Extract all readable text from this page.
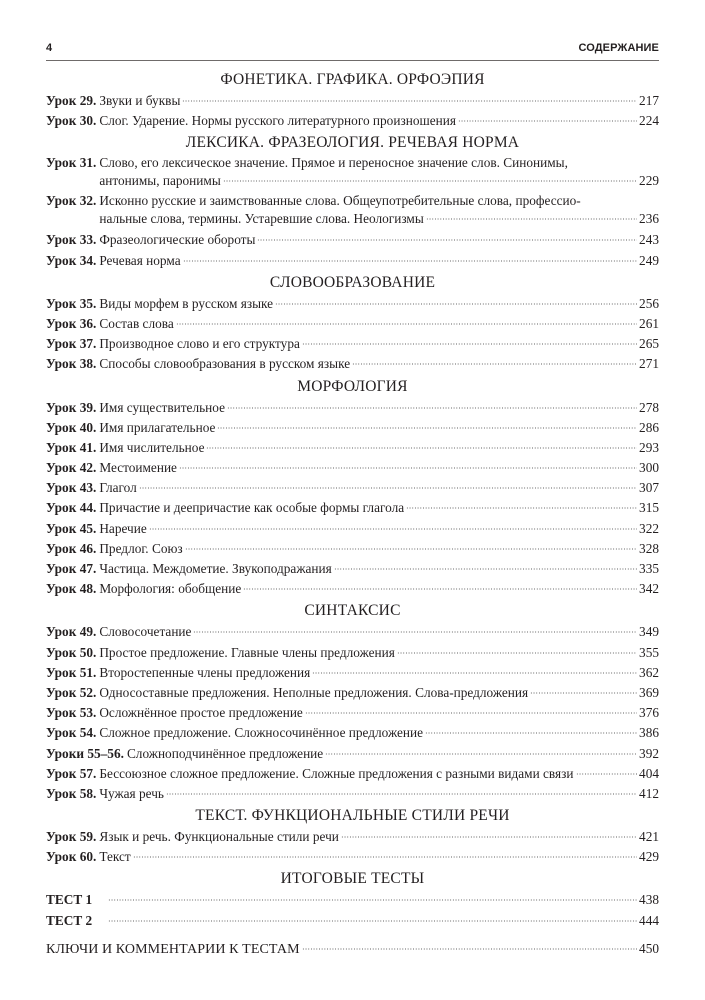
4	СОДЕРЖАНИЕ
ФОНЕТИКА. ГРАФИКА. ОРФОЭПИЯ
Урок 29. Звуки и буквы	217
Урок 30. Слог. Ударение. Нормы русского литературного произношения	224
ЛЕКСИКА. ФРАЗЕОЛОГИЯ. РЕЧЕВАЯ НОРМА
Урок 31. Слово, его лексическое значение. Прямое и переносное значение слов. Синонимы,
антонимы, паронимы	229
Урок 32. Исконно русские и заимствованные слова. Общеупотребительные слова, профессио-
нальные слова, термины. Устаревшие слова. Неологизмы	236
Урок 33. Фразеологические обороты	243
Урок 34. Речевая норма	249
СЛОВООБРАЗОВАНИЕ
Урок 35. Виды морфем в русском языке	256
Урок 36. Состав слова	261
Урок 37. Производное слово и его структура	265
Урок 38. Способы словообразования в русском языке	271
МОРФОЛОГИЯ
Урок 39. Имя существительное	278
Урок 40. Имя прилагательное	286
Урок 41. Имя числительное	293
Урок 42. Местоимение	300
Урок 43. Глагол	307
Урок 44. Причастие и деепричастие как особые формы глагола	315
Урок 45. Наречие	322
Урок 46. Предлог. Союз	328
Урок 47. Частица. Междометие. Звукоподражания	335
Урок 48. Морфология: обобщение	342
СИНТАКСИС
Урок 49. Словосочетание	349
Урок 50. Простое предложение. Главные члены предложения	355
Урок 51. Второстепенные члены предложения	362
Урок 52. Односоставные предложения. Неполные предложения. Слова-предложения	369
Урок 53. Осложнённое простое предложение	376
Урок 54. Сложное предложение. Сложносочинённое предложение	386
Уроки 55–56. Сложноподчинённое предложение	392
Урок 57. Бессоюзное сложное предложение. Сложные предложения с разными видами связи	404
Урок 58. Чужая речь	412
ТЕКСТ. ФУНКЦИОНАЛЬНЫЕ СТИЛИ РЕЧИ
Урок 59. Язык и речь. Функциональные стили речи	421
Урок 60. Текст	429
ИТОГОВЫЕ ТЕСТЫ
ТЕСТ 1	438
ТЕСТ 2	444
КЛЮЧИ И КОММЕНТАРИИ К ТЕСТАМ	450
